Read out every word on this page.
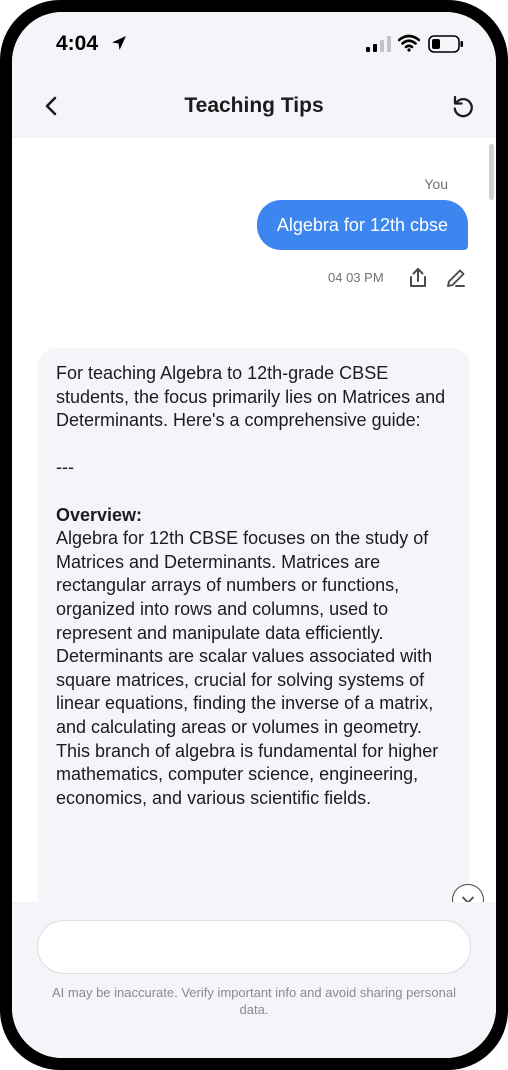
4:04
Teaching Tips
You
Algebra for 12th cbse
04 03 PM

For teaching Algebra to 12th-grade CBSE students, the focus primarily lies on Matrices and Determinants. Here's a comprehensive guide:

---

Overview:

Algebra for 12th CBSE focuses on the study of Matrices and Determinants. Matrices are rectangular arrays of numbers or functions, organized into rows and columns, used to represent and manipulate data efficiently. Determinants are scalar values associated with square matrices, crucial for solving systems of linear equations, finding the inverse of a matrix, and calculating areas or volumes in geometry. This branch of algebra is fundamental for higher mathematics, computer science, engineering, economics, and various scientific fields.

AI may be inaccurate. Verify important info and avoid sharing personal data.
